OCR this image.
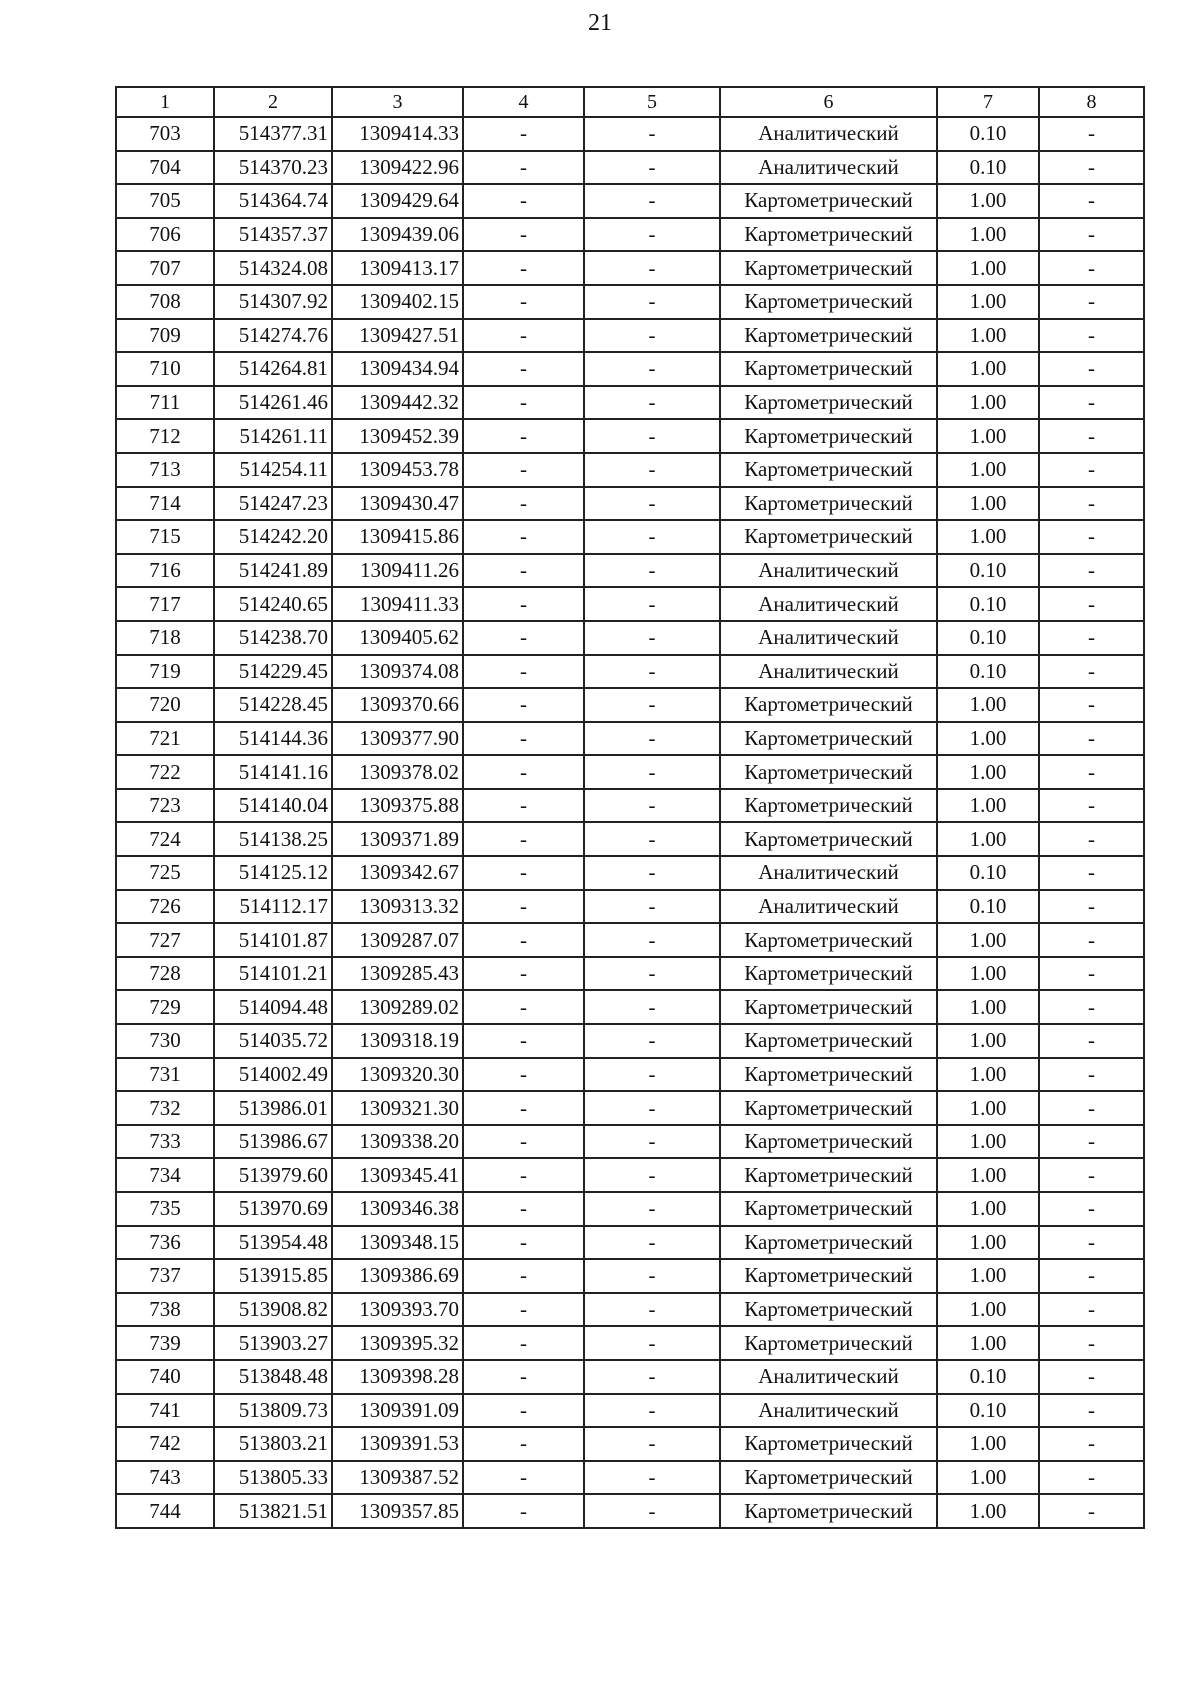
21
1	2	3	4	5	6	7	8
703	514377.31	1309414.33	-	-	Аналитический	0.10	-
704	514370.23	1309422.96	-	-	Аналитический	0.10	-
705	514364.74	1309429.64	-	-	Картометрический	1.00	-
706	514357.37	1309439.06	-	-	Картометрический	1.00	-
707	514324.08	1309413.17	-	-	Картометрический	1.00	-
708	514307.92	1309402.15	-	-	Картометрический	1.00	-
709	514274.76	1309427.51	-	-	Картометрический	1.00	-
710	514264.81	1309434.94	-	-	Картометрический	1.00	-
711	514261.46	1309442.32	-	-	Картометрический	1.00	-
712	514261.11	1309452.39	-	-	Картометрический	1.00	-
713	514254.11	1309453.78	-	-	Картометрический	1.00	-
714	514247.23	1309430.47	-	-	Картометрический	1.00	-
715	514242.20	1309415.86	-	-	Картометрический	1.00	-
716	514241.89	1309411.26	-	-	Аналитический	0.10	-
717	514240.65	1309411.33	-	-	Аналитический	0.10	-
718	514238.70	1309405.62	-	-	Аналитический	0.10	-
719	514229.45	1309374.08	-	-	Аналитический	0.10	-
720	514228.45	1309370.66	-	-	Картометрический	1.00	-
721	514144.36	1309377.90	-	-	Картометрический	1.00	-
722	514141.16	1309378.02	-	-	Картометрический	1.00	-
723	514140.04	1309375.88	-	-	Картометрический	1.00	-
724	514138.25	1309371.89	-	-	Картометрический	1.00	-
725	514125.12	1309342.67	-	-	Аналитический	0.10	-
726	514112.17	1309313.32	-	-	Аналитический	0.10	-
727	514101.87	1309287.07	-	-	Картометрический	1.00	-
728	514101.21	1309285.43	-	-	Картометрический	1.00	-
729	514094.48	1309289.02	-	-	Картометрический	1.00	-
730	514035.72	1309318.19	-	-	Картометрический	1.00	-
731	514002.49	1309320.30	-	-	Картометрический	1.00	-
732	513986.01	1309321.30	-	-	Картометрический	1.00	-
733	513986.67	1309338.20	-	-	Картометрический	1.00	-
734	513979.60	1309345.41	-	-	Картометрический	1.00	-
735	513970.69	1309346.38	-	-	Картометрический	1.00	-
736	513954.48	1309348.15	-	-	Картометрический	1.00	-
737	513915.85	1309386.69	-	-	Картометрический	1.00	-
738	513908.82	1309393.70	-	-	Картометрический	1.00	-
739	513903.27	1309395.32	-	-	Картометрический	1.00	-
740	513848.48	1309398.28	-	-	Аналитический	0.10	-
741	513809.73	1309391.09	-	-	Аналитический	0.10	-
742	513803.21	1309391.53	-	-	Картометрический	1.00	-
743	513805.33	1309387.52	-	-	Картометрический	1.00	-
744	513821.51	1309357.85	-	-	Картометрический	1.00	-
